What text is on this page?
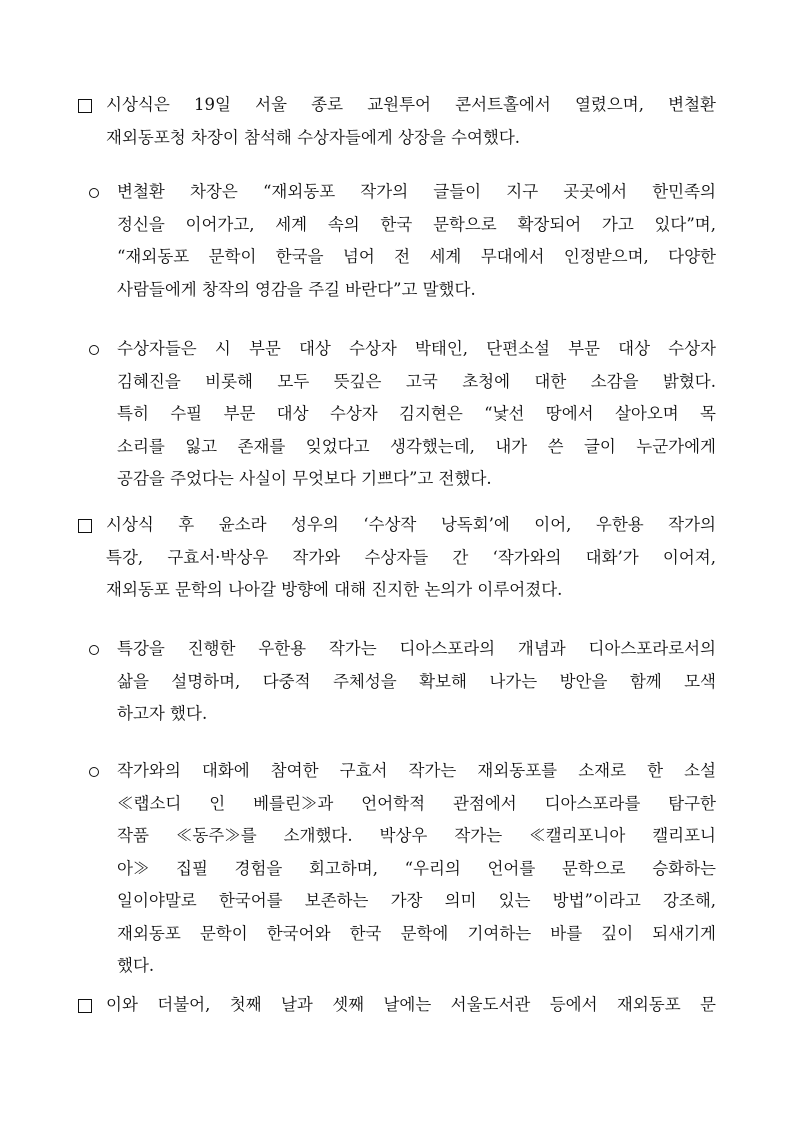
시상식은 19일 서울 종로 교원투어 콘서트홀에서 열렸으며, 변철환
재외동포청 차장이 참석해 수상자들에게 상장을 수여했다.
변철환 차장은 “재외동포 작가의 글들이 지구 곳곳에서 한민족의
정신을 이어가고, 세계 속의 한국 문학으로 확장되어 가고 있다”며,
“재외동포 문학이 한국을 넘어 전 세계 무대에서 인정받으며, 다양한
사람들에게 창작의 영감을 주길 바란다”고 말했다.
수상자들은 시 부문 대상 수상자 박태인, 단편소설 부문 대상 수상자
김혜진을 비롯해 모두 뜻깊은 고국 초청에 대한 소감을 밝혔다.
특히 수필 부문 대상 수상자 김지현은 “낯선 땅에서 살아오며 목
소리를 잃고 존재를 잊었다고 생각했는데, 내가 쓴 글이 누군가에게
공감을 주었다는 사실이 무엇보다 기쁘다”고 전했다.
시상식 후 윤소라 성우의 ‘수상작 낭독회’에 이어, 우한용 작가의
특강, 구효서·박상우 작가와 수상자들 간 ‘작가와의 대화’가 이어져,
재외동포 문학의 나아갈 방향에 대해 진지한 논의가 이루어졌다.
특강을 진행한 우한용 작가는 디아스포라의 개념과 디아스포라로서의
삶을 설명하며, 다중적 주체성을 확보해 나가는 방안을 함께 모색
하고자 했다.
작가와의 대화에 참여한 구효서 작가는 재외동포를 소재로 한 소설
≪랩소디 인 베를린≫과 언어학적 관점에서 디아스포라를 탐구한
작품 ≪동주≫를 소개했다. 박상우 작가는 ≪캘리포니아 캘리포니
아≫ 집필 경험을 회고하며, “우리의 언어를 문학으로 승화하는
일이야말로 한국어를 보존하는 가장 의미 있는 방법”이라고 강조해,
재외동포 문학이 한국어와 한국 문학에 기여하는 바를 깊이 되새기게
했다.
이와 더불어, 첫째 날과 셋째 날에는 서울도서관 등에서 재외동포 문
